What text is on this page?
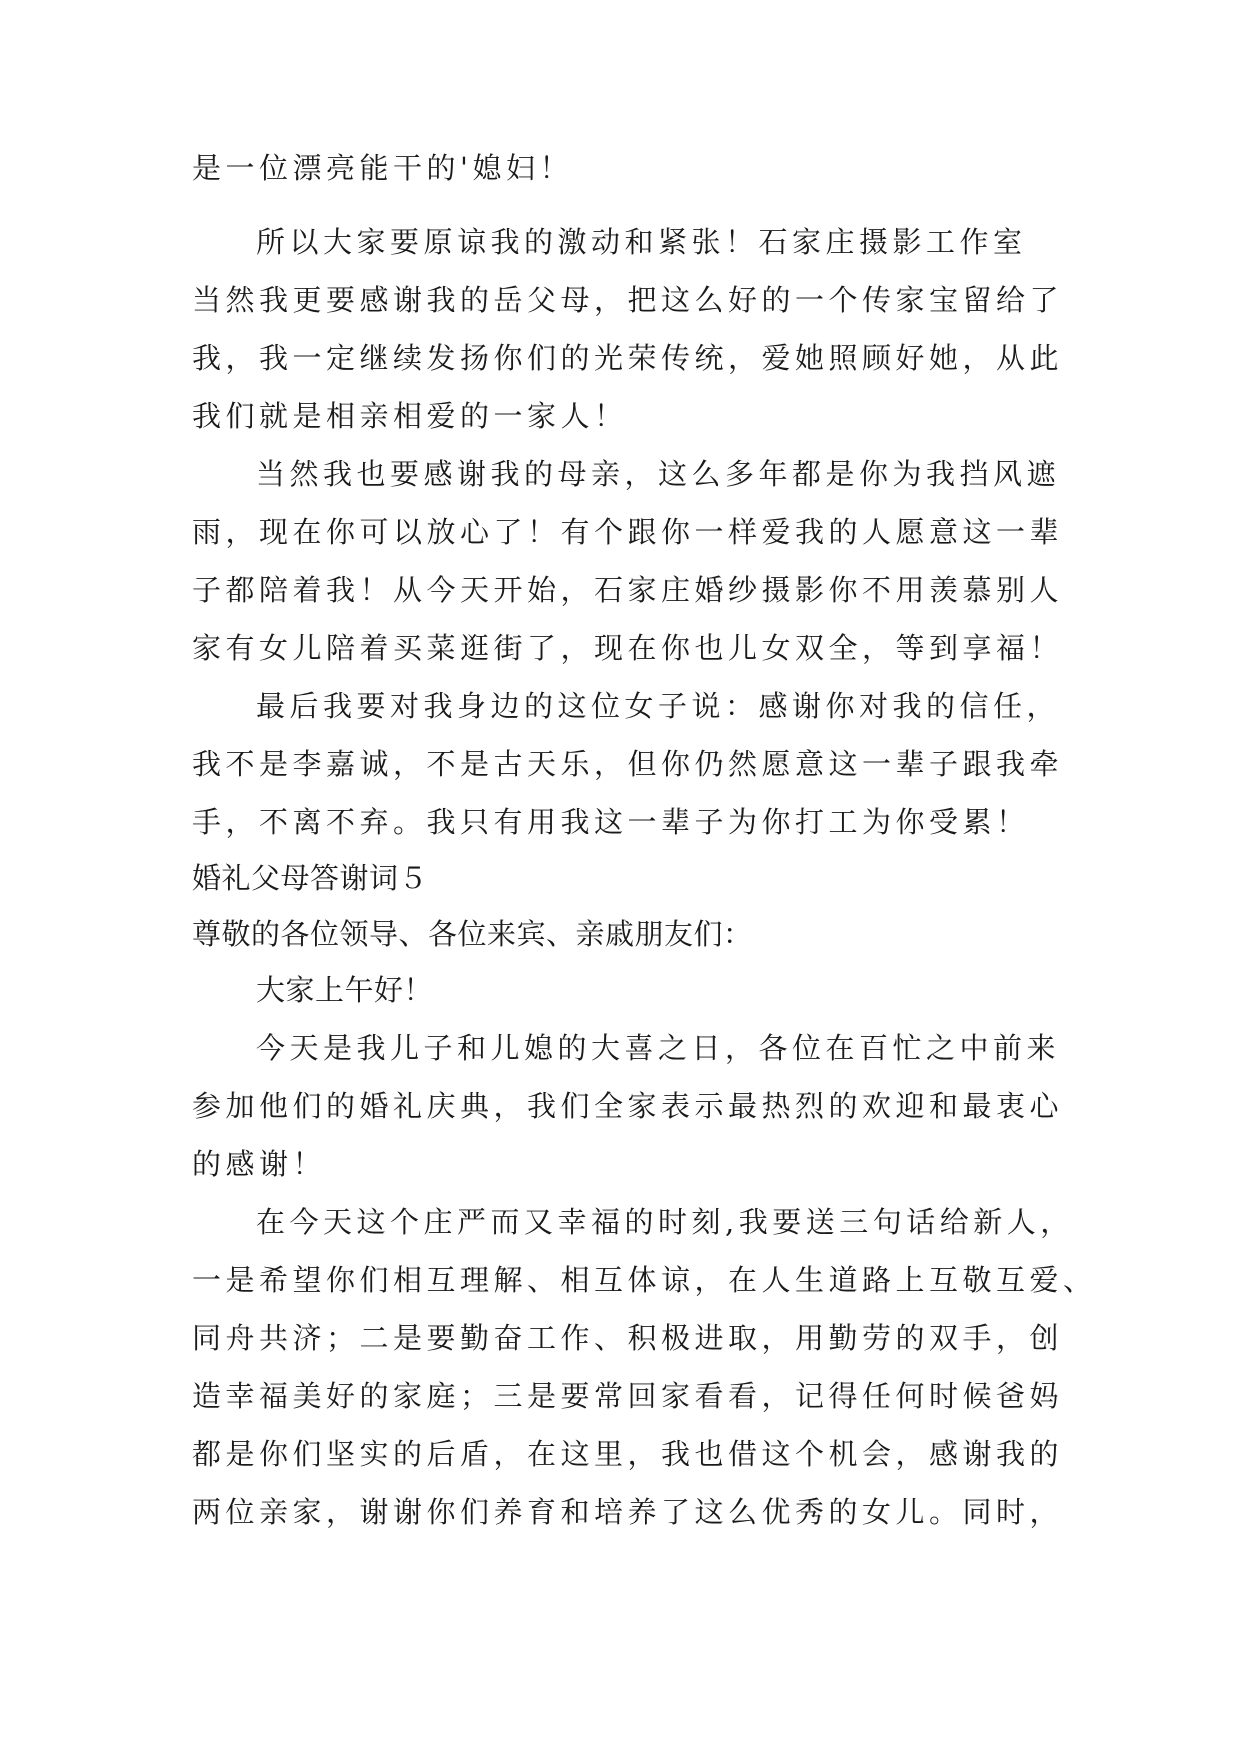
是一位漂亮能干的'媳妇！
所以大家要原谅我的激动和紧张！石家庄摄影工作室
当然我更要感谢我的岳父母，把这么好的一个传家宝留给了
我，我一定继续发扬你们的光荣传统，爱她照顾好她，从此
我们就是相亲相爱的一家人！
当然我也要感谢我的母亲，这么多年都是你为我挡风遮
雨，现在你可以放心了！有个跟你一样爱我的人愿意这一辈
子都陪着我！从今天开始，石家庄婚纱摄影你不用羡慕别人
家有女儿陪着买菜逛街了，现在你也儿女双全，等到享福！
最后我要对我身边的这位女子说：感谢你对我的信任，
我不是李嘉诚，不是古天乐，但你仍然愿意这一辈子跟我牵
手，不离不弃。我只有用我这一辈子为你打工为你受累！
婚礼父母答谢词５
尊敬的各位领导、各位来宾、亲戚朋友们：
大家上午好！
今天是我儿子和儿媳的大喜之日，各位在百忙之中前来
参加他们的婚礼庆典，我们全家表示最热烈的欢迎和最衷心
的感谢！
在今天这个庄严而又幸福的时刻,我要送三句话给新人，
一是希望你们相互理解、相互体谅，在人生道路上互敬互爱、
同舟共济；二是要勤奋工作、积极进取，用勤劳的双手，创
造幸福美好的家庭；三是要常回家看看，记得任何时候爸妈
都是你们坚实的后盾，在这里，我也借这个机会，感谢我的
两位亲家，谢谢你们养育和培养了这么优秀的女儿。同时，
